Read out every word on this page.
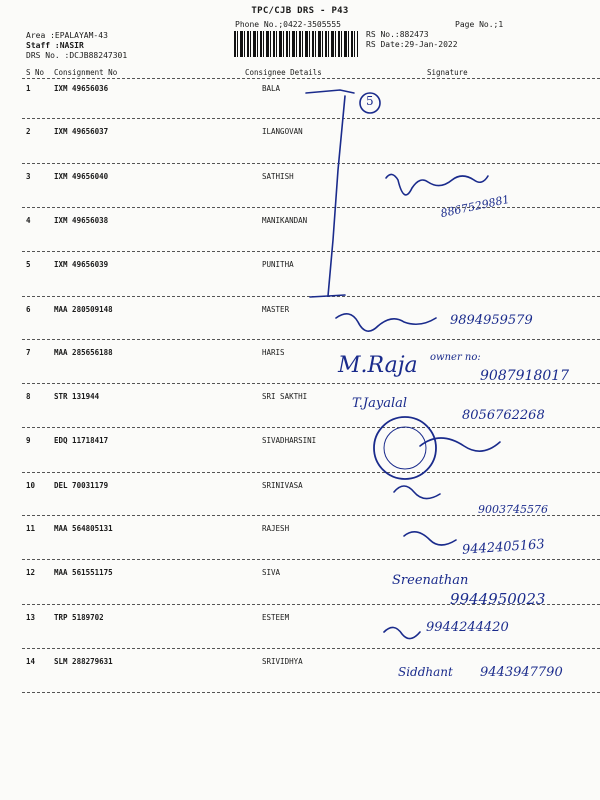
TPC/CJB DRS - P43
Phone No.;0422-3505555	Page No.;1
Area :EPALAYAM-43
Staff :NASIR
DRS No. :DCJB88247301
RS No.:882473
RS Date:29-Jan-2022
S No Consignment No	Consignee Details	Signature
1	IXM 49656036	BALA
2	IXM 49656037	ILANGOVAN
3	IXM 49656040	SATHISH
4	IXM 49656038	MANIKANDAN
5	IXM 49656039	PUNITHA
6	MAA 280509148	MASTER
7	MAA 285656188	HARIS
8	STR 131944	SRI SAKTHI
9	EDQ 11718417	SIVADHARSINI
10	DEL 70031179	SRINIVASA
11	MAA 564805131	RAJESH
12	MAA 561551175	SIVA
13	TRP 5189702	ESTEEM
14	SLM 288279631	SRIVIDHYA
5
8867529881
9894959579
M.Raja owner no:
9087918017
T.Jayalal
8056762268
9003745576
9442405163
Sreenathan
9944950023
9944244420
Siddhant 9443947790
